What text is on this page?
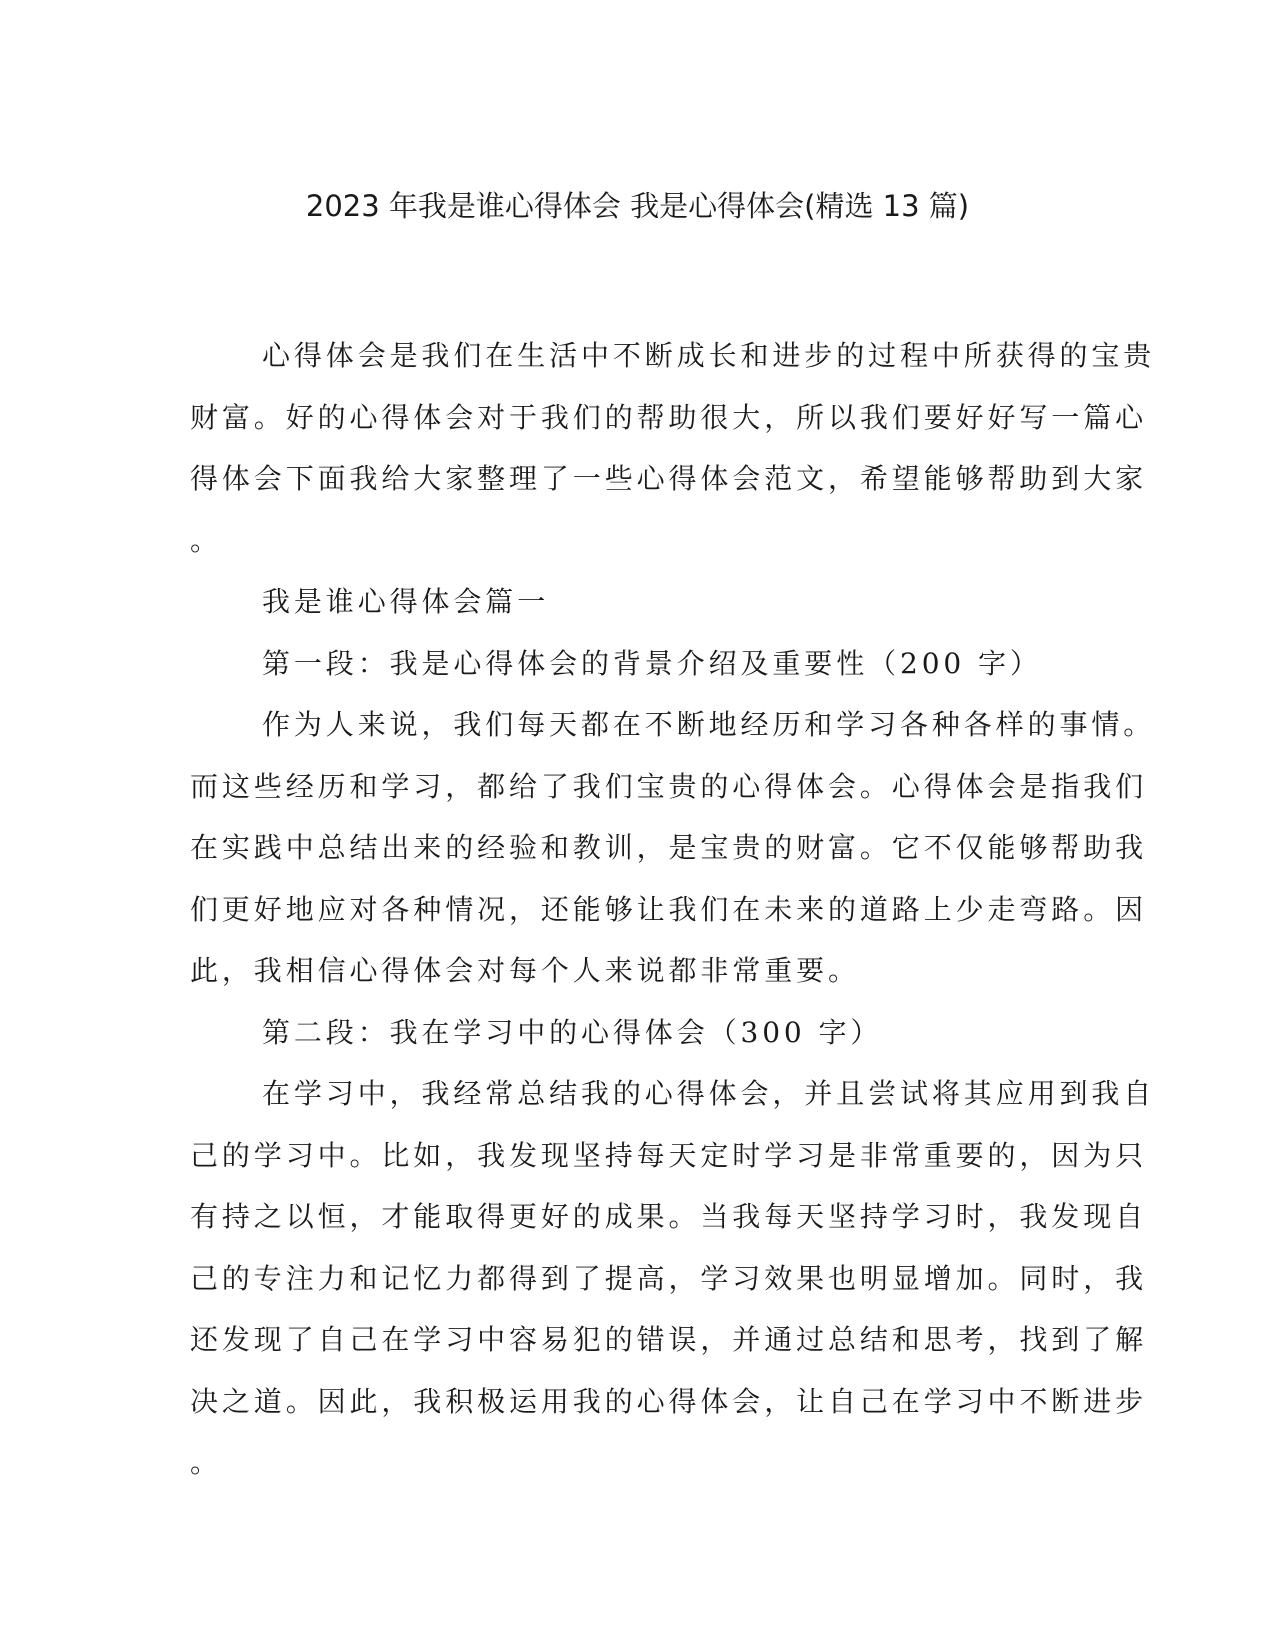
2023 年我是谁心得体会 我是心得体会(精选 13 篇)

心得体会是我们在生活中不断成长和进步的过程中所获得的宝贵
财富。好的心得体会对于我们的帮助很大，所以我们要好好写一篇心
得体会下面我给大家整理了一些心得体会范文，希望能够帮助到大家
。

我是谁心得体会篇一

第一段：我是心得体会的背景介绍及重要性（200 字）

作为人来说，我们每天都在不断地经历和学习各种各样的事情。
而这些经历和学习，都给了我们宝贵的心得体会。心得体会是指我们
在实践中总结出来的经验和教训，是宝贵的财富。它不仅能够帮助我
们更好地应对各种情况，还能够让我们在未来的道路上少走弯路。因
此，我相信心得体会对每个人来说都非常重要。

第二段：我在学习中的心得体会（300 字）

在学习中，我经常总结我的心得体会，并且尝试将其应用到我自
己的学习中。比如，我发现坚持每天定时学习是非常重要的，因为只
有持之以恒，才能取得更好的成果。当我每天坚持学习时，我发现自
己的专注力和记忆力都得到了提高，学习效果也明显增加。同时，我
还发现了自己在学习中容易犯的错误，并通过总结和思考，找到了解
决之道。因此，我积极运用我的心得体会，让自己在学习中不断进步
。
